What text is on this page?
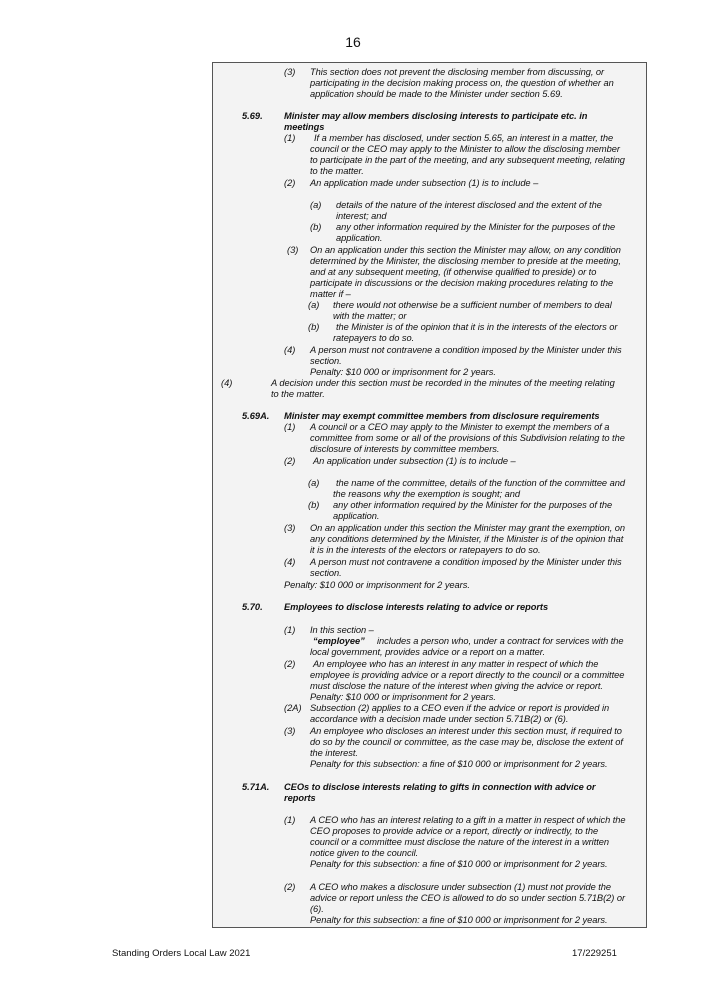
16
(3) This section does not prevent the disclosing member from discussing, or
participating in the decision making process on, the question of whether an
application should be made to the Minister under section 5.69.
5.69. Minister may allow members disclosing interests to participate etc. in
meetings
(1) If a member has disclosed, under section 5.65, an interest in a matter, the
council or the CEO may apply to the Minister to allow the disclosing member
to participate in the part of the meeting, and any subsequent meeting, relating
to the matter.
(2) An application made under subsection (1) is to include –
(a) details of the nature of the interest disclosed and the extent of the
interest; and
(b) any other information required by the Minister for the purposes of the
application.
(3) On an application under this section the Minister may allow, on any condition
determined by the Minister, the disclosing member to preside at the meeting,
and at any subsequent meeting, (if otherwise qualified to preside) or to
participate in discussions or the decision making procedures relating to the
matter if –
(a) there would not otherwise be a sufficient number of members to deal
with the matter; or
(b) the Minister is of the opinion that it is in the interests of the electors or
ratepayers to do so.
(4) A person must not contravene a condition imposed by the Minister under this
section.
Penalty: $10 000 or imprisonment for 2 years.
(4)	A decision under this section must be recorded in the minutes of the meeting relating
to the matter.
5.69A. Minister may exempt committee members from disclosure requirements
(1) A council or a CEO may apply to the Minister to exempt the members of a
committee from some or all of the provisions of this Subdivision relating to the
disclosure of interests by committee members.
(2) An application under subsection (1) is to include –
(a) the name of the committee, details of the function of the committee and
the reasons why the exemption is sought; and
(b) any other information required by the Minister for the purposes of the
application.
(3) On an application under this section the Minister may grant the exemption, on
any conditions determined by the Minister, if the Minister is of the opinion that
it is in the interests of the electors or ratepayers to do so.
(4) A person must not contravene a condition imposed by the Minister under this
section.
Penalty: $10 000 or imprisonment for 2 years.
5.70. Employees to disclose interests relating to advice or reports
(1) In this section –
“employee” includes a person who, under a contract for services with the
local government, provides advice or a report on a matter.
(2) An employee who has an interest in any matter in respect of which the
employee is providing advice or a report directly to the council or a committee
must disclose the nature of the interest when giving the advice or report.
Penalty: $10 000 or imprisonment for 2 years.
(2A) Subsection (2) applies to a CEO even if the advice or report is provided in
accordance with a decision made under section 5.71B(2) or (6).
(3) An employee who discloses an interest under this section must, if required to
do so by the council or committee, as the case may be, disclose the extent of
the interest.
Penalty for this subsection: a fine of $10 000 or imprisonment for 2 years.
5.71A. CEOs to disclose interests relating to gifts in connection with advice or
reports
(1) A CEO who has an interest relating to a gift in a matter in respect of which the
CEO proposes to provide advice or a report, directly or indirectly, to the
council or a committee must disclose the nature of the interest in a written
notice given to the council.
Penalty for this subsection: a fine of $10 000 or imprisonment for 2 years.
(2) A CEO who makes a disclosure under subsection (1) must not provide the
advice or report unless the CEO is allowed to do so under section 5.71B(2) or
(6).
Penalty for this subsection: a fine of $10 000 or imprisonment for 2 years.
Standing Orders Local Law 2021	17/229251
